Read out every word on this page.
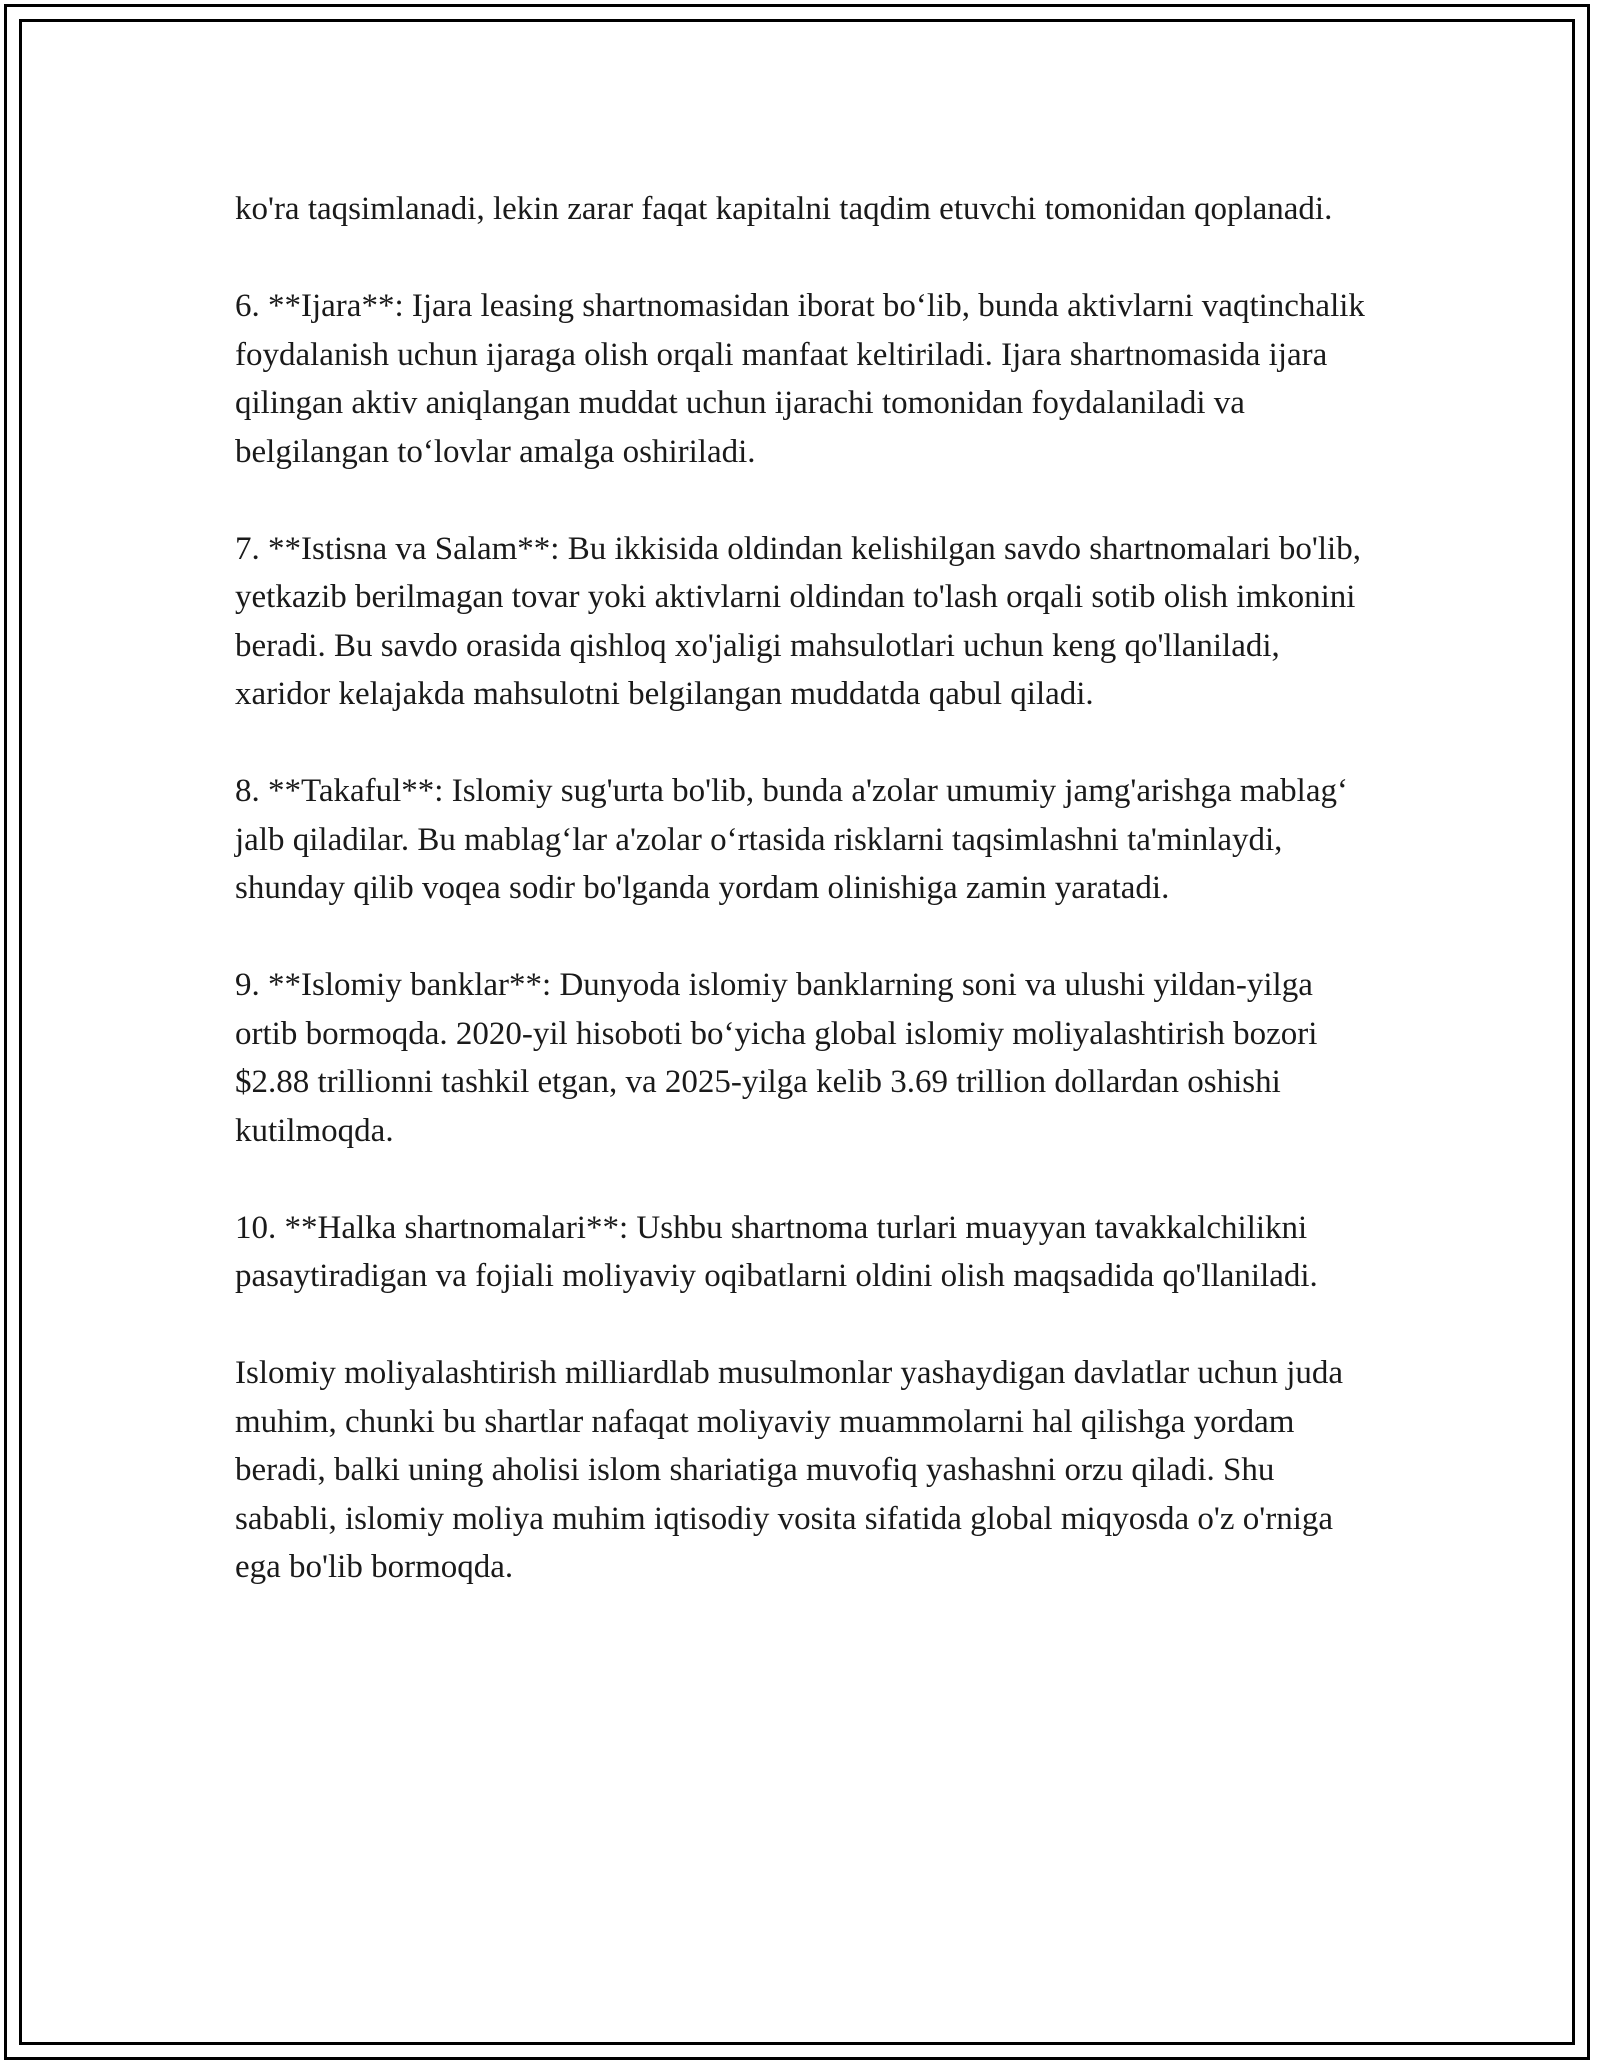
ko'ra taqsimlanadi, lekin zarar faqat kapitalni taqdim etuvchi tomonidan qoplanadi.

6. **Ijara**: Ijara leasing shartnomasidan iborat bo‘lib, bunda aktivlarni vaqtinchalik foydalanish uchun ijaraga olish orqali manfaat keltiriladi. Ijara shartnomasida ijara qilingan aktiv aniqlangan muddat uchun ijarachi tomonidan foydalaniladi va belgilangan to‘lovlar amalga oshiriladi.

7. **Istisna va Salam**: Bu ikkisida oldindan kelishilgan savdo shartnomalari bo'lib, yetkazib berilmagan tovar yoki aktivlarni oldindan to'lash orqali sotib olish imkonini beradi. Bu savdo orasida qishloq xo'jaligi mahsulotlari uchun keng qo'llaniladi, xaridor kelajakda mahsulotni belgilangan muddatda qabul qiladi.

8. **Takaful**: Islomiy sug'urta bo'lib, bunda a'zolar umumiy jamg'arishga mablag‘ jalb qiladilar. Bu mablag‘lar a'zolar o‘rtasida risklarni taqsimlashni ta'minlaydi, shunday qilib voqea sodir bo'lganda yordam olinishiga zamin yaratadi.

9. **Islomiy banklar**: Dunyoda islomiy banklarning soni va ulushi yildan-yilga ortib bormoqda. 2020-yil hisoboti bo‘yicha global islomiy moliyalashtirish bozori $2.88 trillionni tashkil etgan, va 2025-yilga kelib 3.69 trillion dollardan oshishi kutilmoqda.

10. **Halka shartnomalari**: Ushbu shartnoma turlari muayyan tavakkalchilikni pasaytiradigan va fojiali moliyaviy oqibatlarni oldini olish maqsadida qo'llaniladi.

Islomiy moliyalashtirish milliardlab musulmonlar yashaydigan davlatlar uchun juda muhim, chunki bu shartlar nafaqat moliyaviy muammolarni hal qilishga yordam beradi, balki uning aholisi islom shariatiga muvofiq yashashni orzu qiladi. Shu sababli, islomiy moliya muhim iqtisodiy vosita sifatida global miqyosda o'z o'rniga ega bo'lib bormoqda.
